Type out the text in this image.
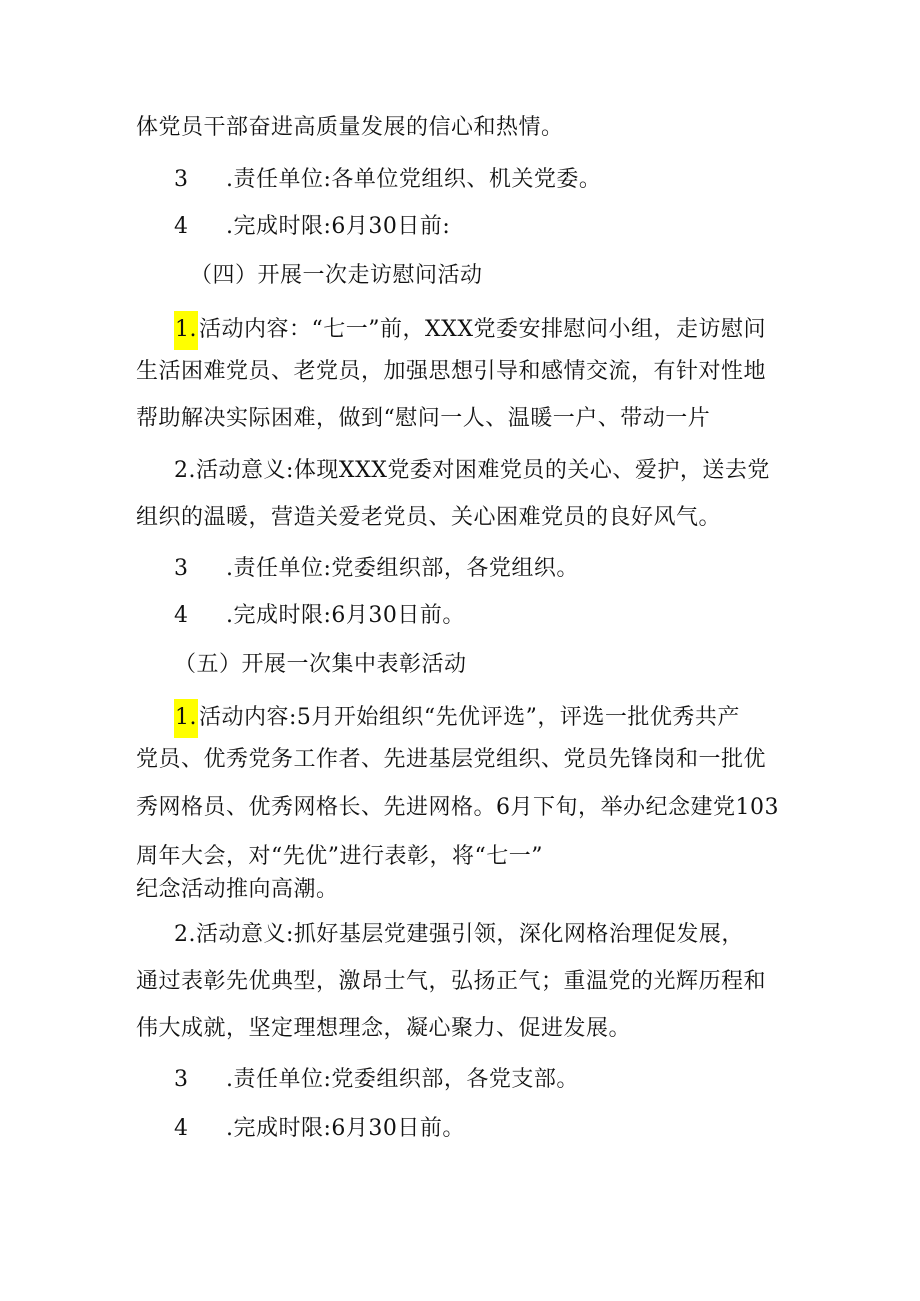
体党员干部奋进高质量发展的信心和热情。
3 .责任单位:各单位党组织、机关党委。
4 .完成时限:6月30日前:
（四）开展一次走访慰问活动
1.活动内容：“七一”前，XXX党委安排慰问小组，走访慰问
生活困难党员、老党员，加强思想引导和感情交流，有针对性地
帮助解决实际困难，做到“慰问一人、温暖一户、带动一片
2.活动意义:体现XXX党委对困难党员的关心、爱护，送去党
组织的温暖，营造关爱老党员、关心困难党员的良好风气。
3 .责任单位:党委组织部，各党组织。
4 .完成时限:6月30日前。
（五）开展一次集中表彰活动
1.活动内容:5月开始组织“先优评选”，评选一批优秀共产
党员、优秀党务工作者、先进基层党组织、党员先锋岗和一批优
秀网格员、优秀网格长、先进网格。6月下旬，举办纪念建党103
周年大会，对“先优”进行表彰，将“七一”
纪念活动推向高潮。
2.活动意义:抓好基层党建强引领，深化网格治理促发展，
通过表彰先优典型，激昂士气，弘扬正气；重温党的光辉历程和
伟大成就，坚定理想理念，凝心聚力、促进发展。
3 .责任单位:党委组织部，各党支部。
4 .完成时限:6月30日前。
